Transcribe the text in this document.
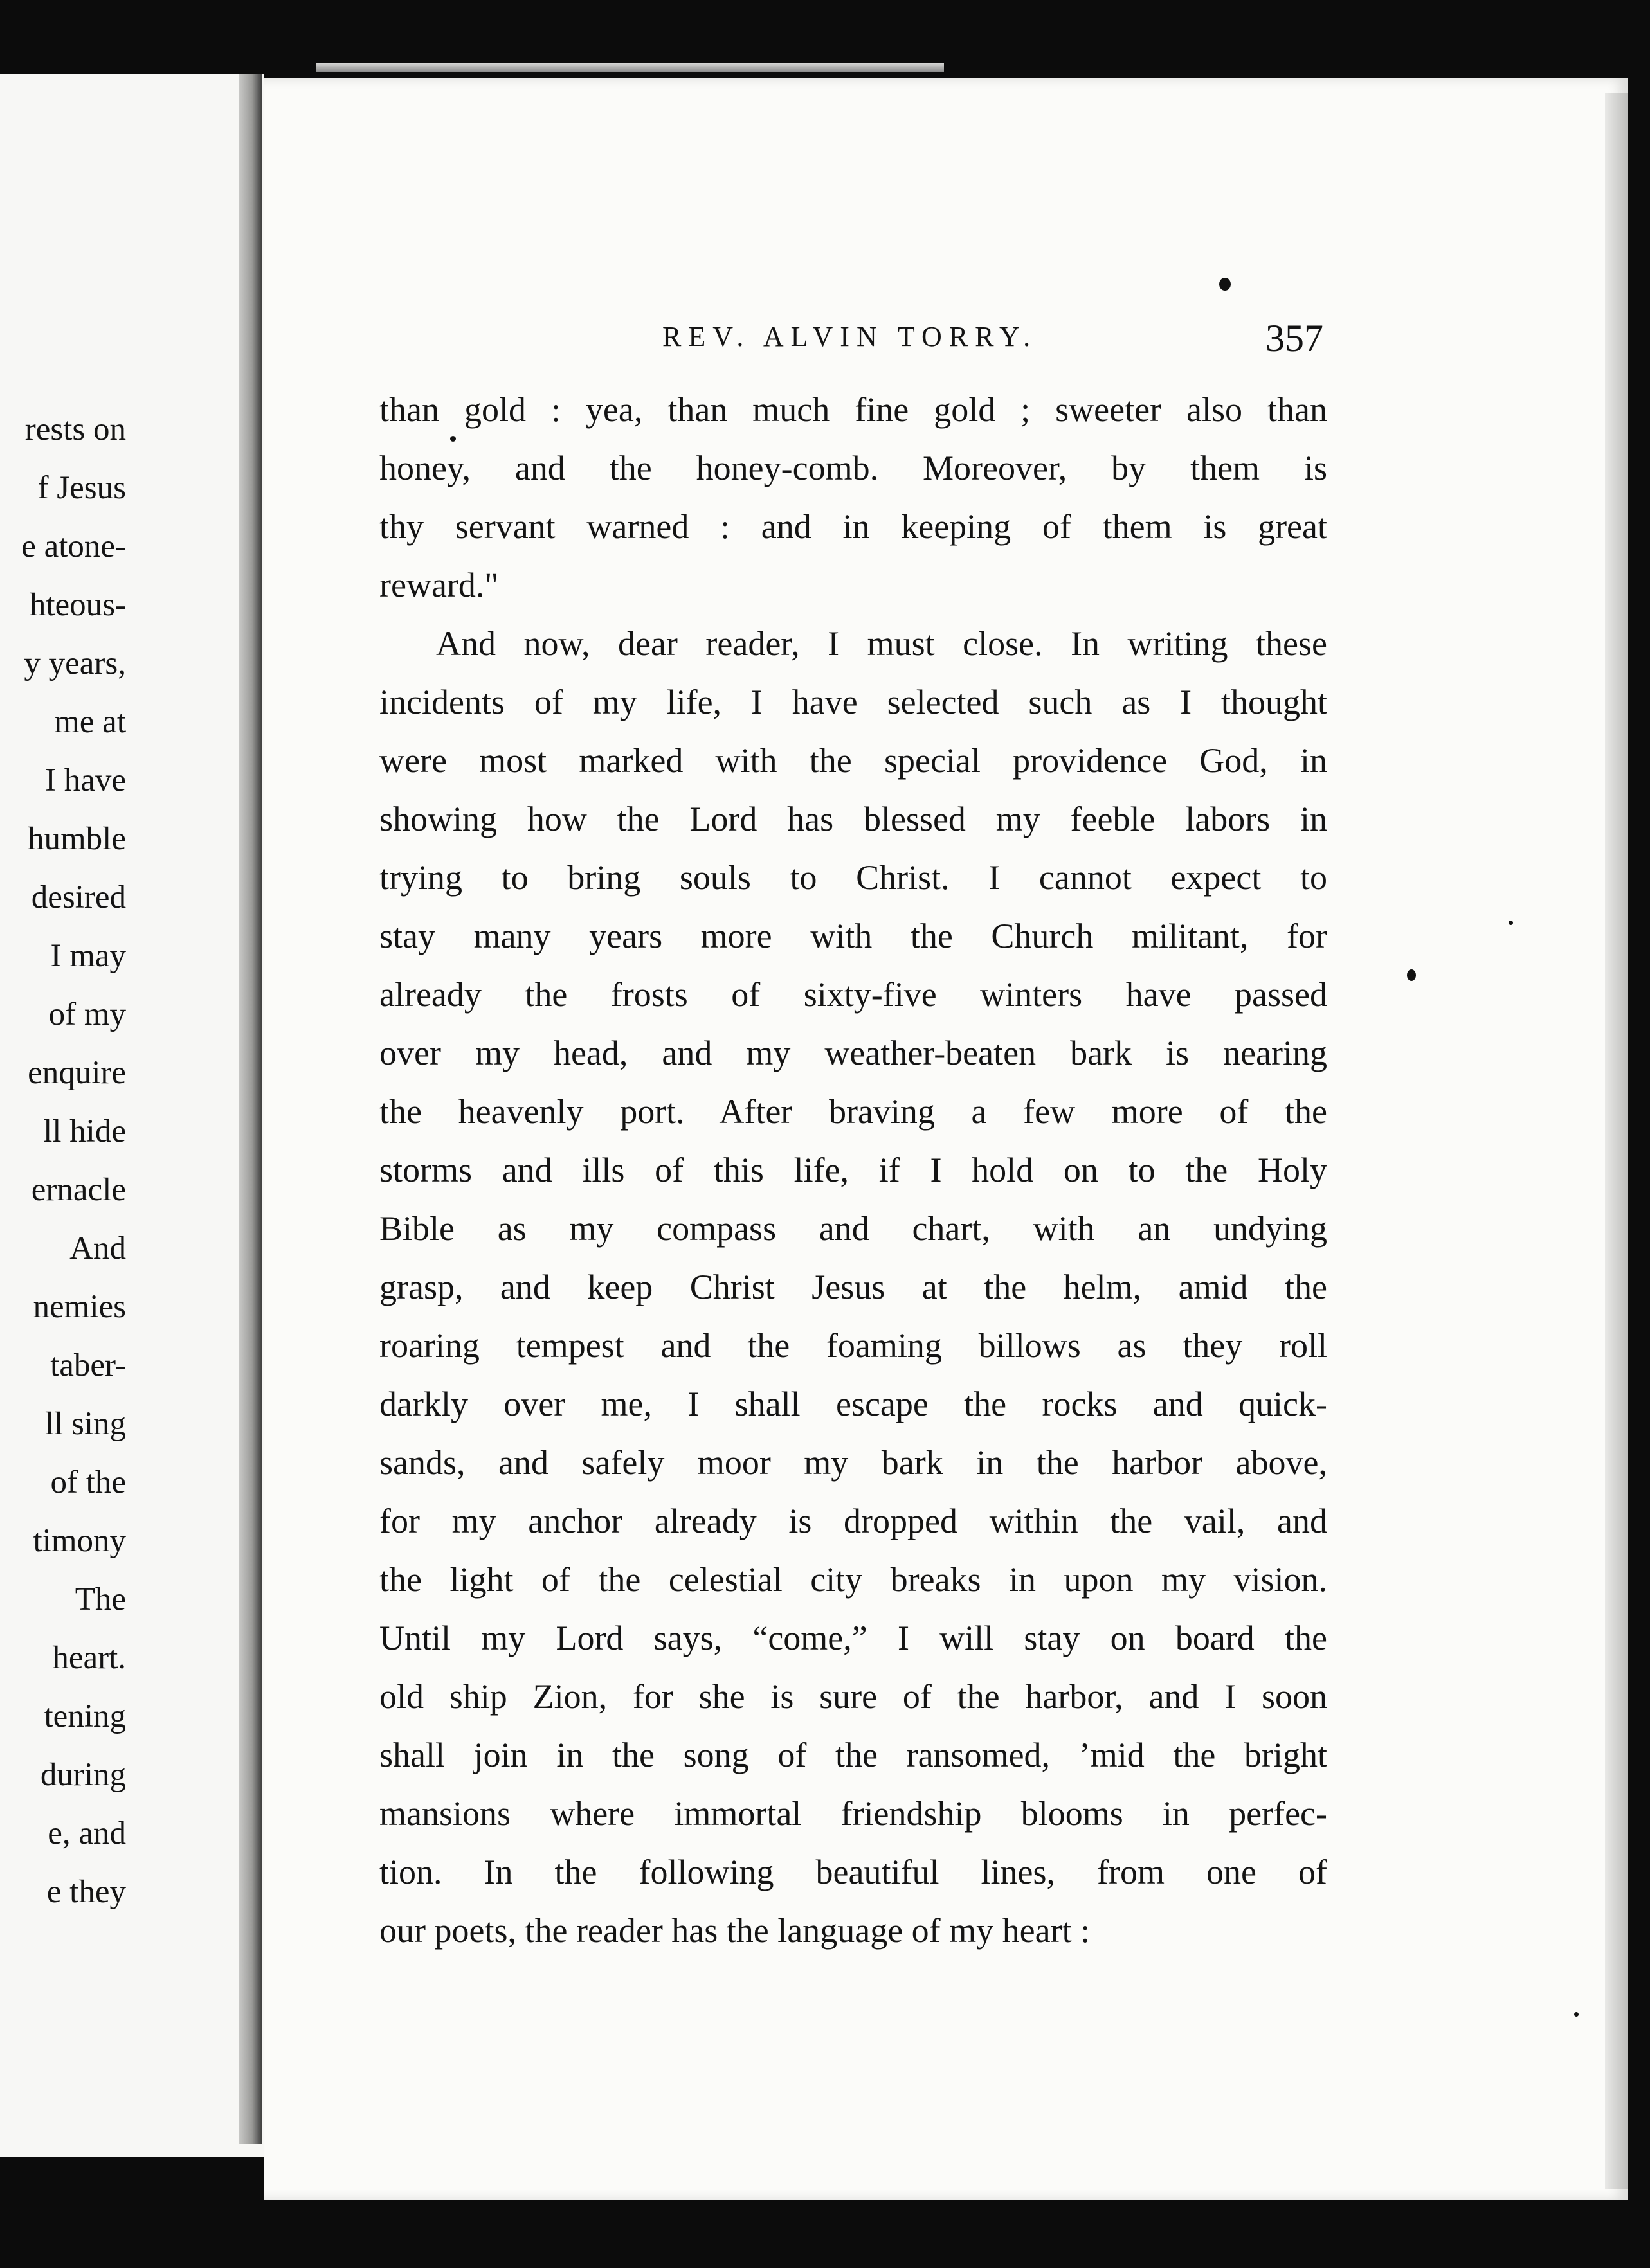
rests on
f Jesus
e atone-
hteous-
y years,
me at
I have
humble
desired
I may
of my
enquire
ll hide
ernacle
And
nemies
taber-
ll sing
of the
timony
The
heart.
tening
during
e, and
e they
REV. ALVIN TORRY.	357
than gold : yea, than much fine gold ; sweeter also than
honey, and the honey-comb. Moreover, by them is
thy servant warned : and in keeping of them is great
reward."
And now, dear reader, I must close. In writing these
incidents of my life, I have selected such as I thought
were most marked with the special providence God, in
showing how the Lord has blessed my feeble labors in
trying to bring souls to Christ. I cannot expect to
stay many years more with the Church militant, for
already the frosts of sixty-five winters have passed
over my head, and my weather-beaten bark is nearing
the heavenly port. After braving a few more of the
storms and ills of this life, if I hold on to the Holy
Bible as my compass and chart, with an undying
grasp, and keep Christ Jesus at the helm, amid the
roaring tempest and the foaming billows as they roll
darkly over me, I shall escape the rocks and quick-
sands, and safely moor my bark in the harbor above,
for my anchor already is dropped within the vail, and
the light of the celestial city breaks in upon my vision.
Until my Lord says, “come,” I will stay on board the
old ship Zion, for she is sure of the harbor, and I soon
shall join in the song of the ransomed, ’mid the bright
mansions where immortal friendship blooms in perfec-
tion. In the following beautiful lines, from one of
our poets, the reader has the language of my heart :
